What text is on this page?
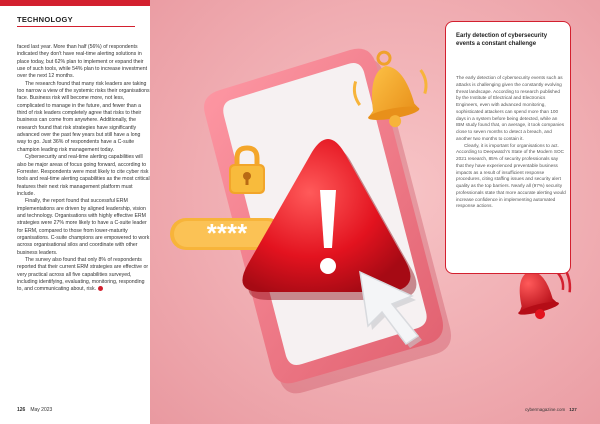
TECHNOLOGY

faced last year. More than half (56%) of respondents indicated they don't have real-time alerting solutions in place today, but 62% plan to implement or expand their use of such tools, while 54% plan to increase investment over the next 12 months.

The research found that many risk leaders are taking too narrow a view of the systemic risks their organisations face. Business risk will become more, not less, complicated to manage in the future, and fewer than a third of risk leaders completely agree that risks to their business can come from anywhere. Additionally, the research found that risk strategies have significantly advanced over the past few years but still have a long way to go. Just 36% of respondents have a C-suite champion leading risk management today.

Cybersecurity and real-time alerting capabilities will also be major areas of focus going forward, according to Forrester. Respondents were most likely to cite cyber risk tools and real-time alerting capabilities as the most critical features their next risk management platform must include.

Finally, the report found that successful ERM implementations are driven by aligned leadership, vision and technology. Organisations with highly effective ERM strategies were 27% more likely to have a C-suite leader for ERM, compared to those from lower-maturity organisations. C-suite champions are empowered to work across organisational silos and coordinate with other business leaders.

The survey also found that only 8% of respondents reported that their current ERM strategies are effective or very practical across all five capabilities surveyed, including identifying, evaluating, monitoring, responding to, and communicating about, risk.

126 May 2023
****
Early detection of cybersecurity events a constant challenge

The early detection of cybersecurity events such as attacks is challenging given the constantly evolving threat landscape. According to research published by the Institute of Electrical and Electronics Engineers, even with advanced monitoring, sophisticated attackers can spend more than 100 days in a system before being detected, while an IBM study found that, on average, it took companies close to seven months to detect a breach, and another two months to contain it.

Clearly, it is important for organisations to act. According to Deepwatch's State of the Modern SOC 2021 research, 85% of security professionals say that they have experienced preventable business impacts as a result of insufficient response procedures, citing staffing issues and security alert quality as the top barriers. Nearly all (97%) security professionals state that more accurate alerting would increase confidence in implementing automated response actions.

cybermagazine.com 127
